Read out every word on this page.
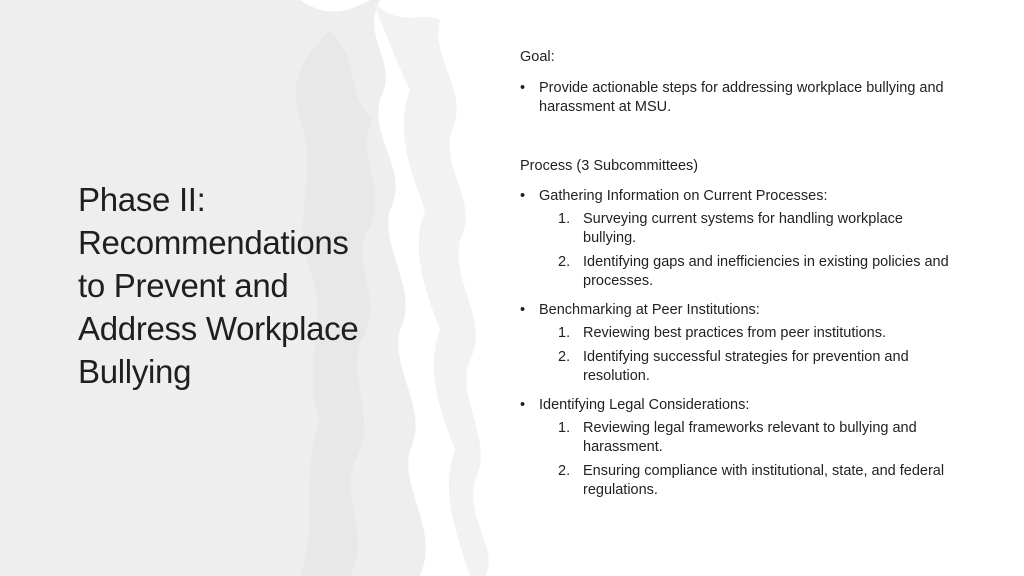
Phase II:
Recommendations
to Prevent and
Address Workplace
Bullying

Goal:

• Provide actionable steps for addressing workplace bullying and harassment at MSU.

Process (3 Subcommittees)

• Gathering Information on Current Processes:
1. Surveying current systems for handling workplace bullying.
2. Identifying gaps and inefficiencies in existing policies and processes.
• Benchmarking at Peer Institutions:
1. Reviewing best practices from peer institutions.
2. Identifying successful strategies for prevention and resolution.
• Identifying Legal Considerations:
1. Reviewing legal frameworks relevant to bullying and harassment.
2. Ensuring compliance with institutional, state, and federal regulations.
